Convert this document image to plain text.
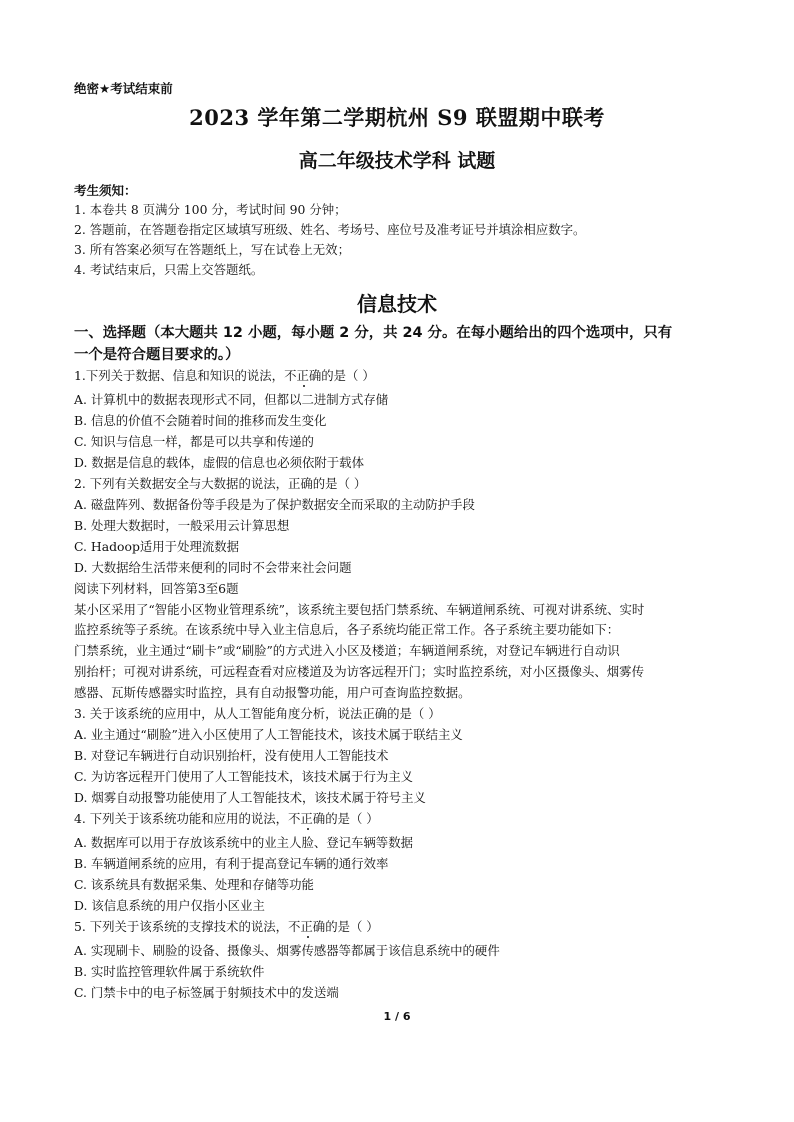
绝密★考试结束前
2023 学年第二学期杭州 S9 联盟期中联考
高二年级技术学科 试题
考生须知：
1. 本卷共 8 页满分 100 分，考试时间 90 分钟；
2. 答题前，在答题卷指定区域填写班级、姓名、考场号、座位号及准考证号并填涂相应数字。
3. 所有答案必须写在答题纸上，写在试卷上无效；
4. 考试结束后，只需上交答题纸。
信息技术
一、选择题（本大题共 12 小题，每小题 2 分，共 24 分。在每小题给出的四个选项中，只有
一个是符合题目要求的。）
1.下列关于数据、信息和知识的说法，不正确的是（ ）
A. 计算机中的数据表现形式不同，但都以二进制方式存储
B. 信息的价值不会随着时间的推移而发生变化
C. 知识与信息一样，都是可以共享和传递的
D. 数据是信息的载体，虚假的信息也必须依附于载体
2. 下列有关数据安全与大数据的说法，正确的是（ ）
A. 磁盘阵列、数据备份等手段是为了保护数据安全而采取的主动防护手段
B. 处理大数据时，一般采用云计算思想
C. Hadoop适用于处理流数据
D. 大数据给生活带来便利的同时不会带来社会问题
阅读下列材料，回答第3至6题
某小区采用了“智能小区物业管理系统”，该系统主要包括门禁系统、车辆道闸系统、可视对讲系统、实时
监控系统等子系统。在该系统中导入业主信息后，各子系统均能正常工作。各子系统主要功能如下：
门禁系统，业主通过“刷卡”或“刷脸”的方式进入小区及楼道；车辆道闸系统，对登记车辆进行自动识
别抬杆；可视对讲系统，可远程查看对应楼道及为访客远程开门；实时监控系统，对小区摄像头、烟雾传
感器、瓦斯传感器实时监控，具有自动报警功能，用户可查询监控数据。
3. 关于该系统的应用中，从人工智能角度分析，说法正确的是（ ）
A. 业主通过“刷脸”进入小区使用了人工智能技术，该技术属于联结主义
B. 对登记车辆进行自动识别抬杆，没有使用人工智能技术
C. 为访客远程开门使用了人工智能技术，该技术属于行为主义
D. 烟雾自动报警功能使用了人工智能技术，该技术属于符号主义
4. 下列关于该系统功能和应用的说法，不正确的是（ ）
A. 数据库可以用于存放该系统中的业主人脸、登记车辆等数据
B. 车辆道闸系统的应用，有利于提高登记车辆的通行效率
C. 该系统具有数据采集、处理和存储等功能
D. 该信息系统的用户仅指小区业主
5. 下列关于该系统的支撑技术的说法，不正确的是（ ）
A. 实现刷卡、刷脸的设备、摄像头、烟雾传感器等都属于该信息系统中的硬件
B. 实时监控管理软件属于系统软件
C. 门禁卡中的电子标签属于射频技术中的发送端
1 / 6
